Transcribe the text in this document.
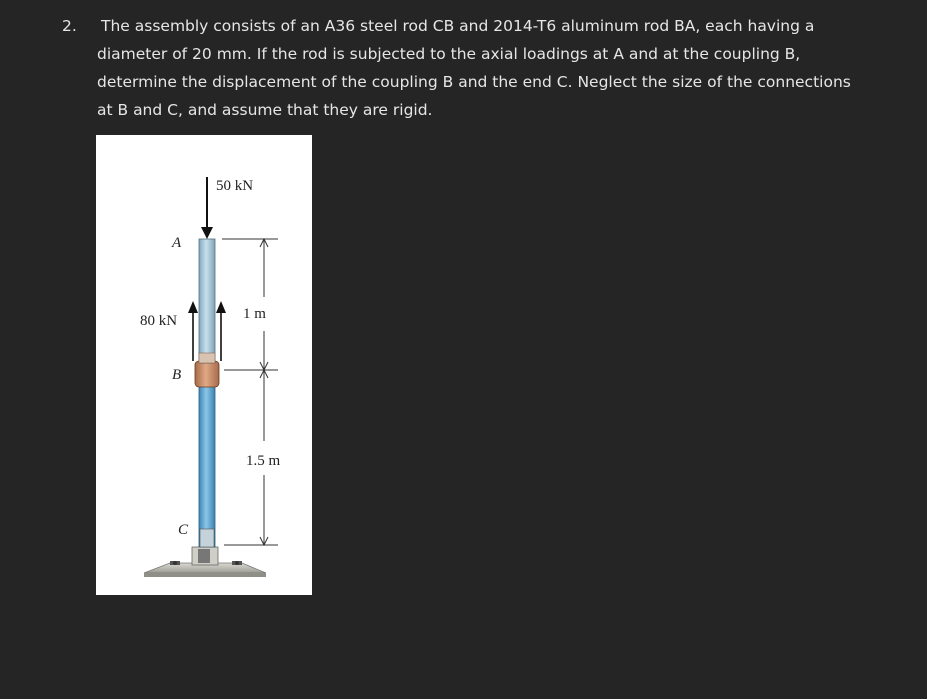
2. The assembly consists of an A36 steel rod CB and 2014-T6 aluminum rod BA, each having a
diameter of 20 mm. If the rod is subjected to the axial loadings at A and at the coupling B,
determine the displacement of the coupling B and the end C. Neglect the size of the connections
at B and C, and assume that they are rigid.

50 kN
A
80 kN	1 m
B
1.5 m
C
